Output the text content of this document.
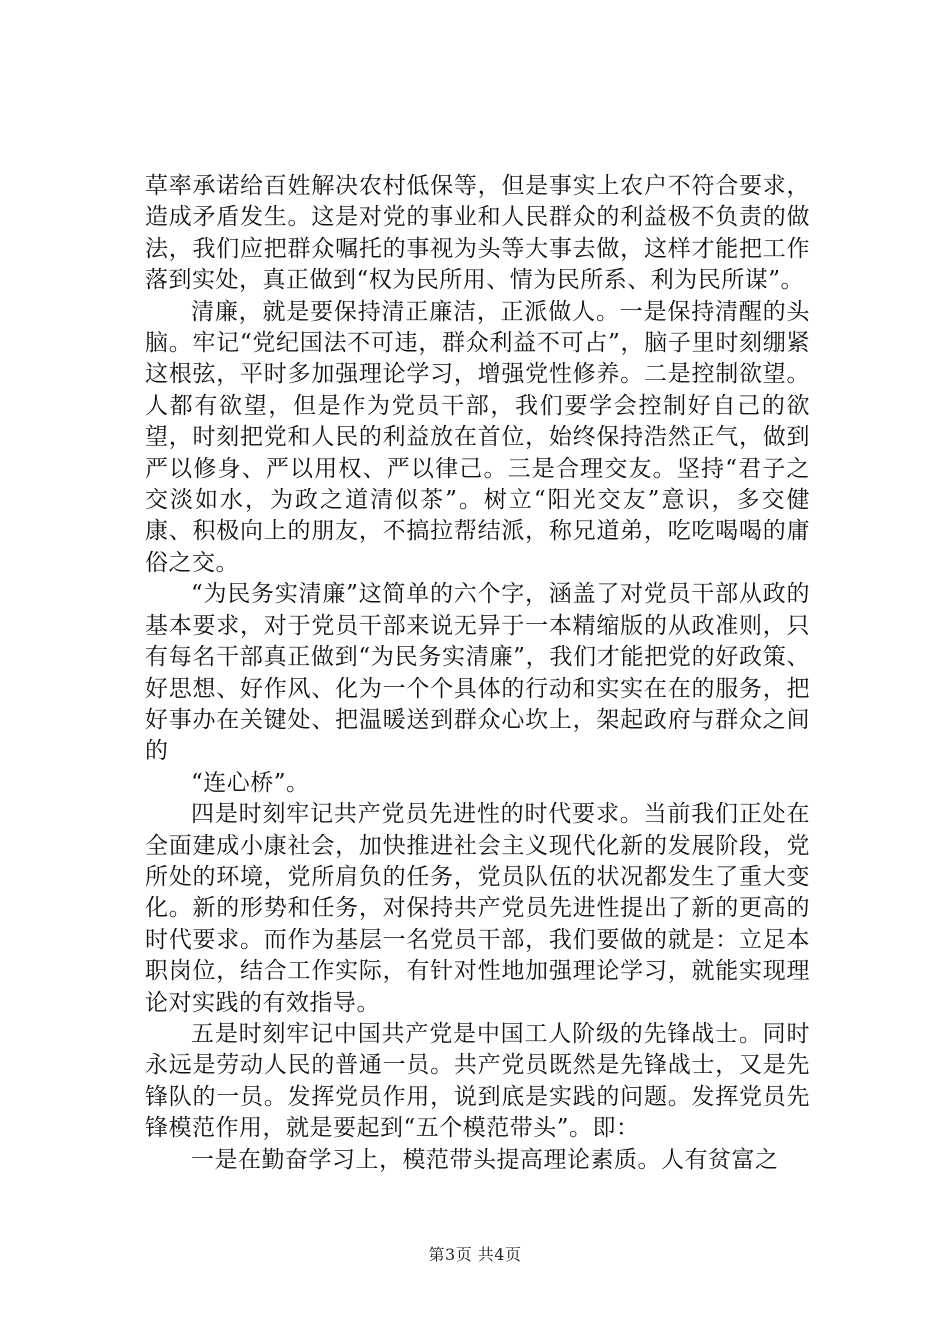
草率承诺给百姓解决农村低保等，但是事实上农户不符合要求，造成矛盾发生。这是对党的事业和人民群众的利益极不负责的做法，我们应把群众嘱托的事视为头等大事去做，这样才能把工作落到实处，真正做到“权为民所用、情为民所系、利为民所谋”。

清廉，就是要保持清正廉洁，正派做人。一是保持清醒的头脑。牢记“党纪国法不可违，群众利益不可占”，脑子里时刻绷紧这根弦，平时多加强理论学习，增强党性修养。二是控制欲望。人都有欲望，但是作为党员干部，我们要学会控制好自己的欲望，时刻把党和人民的利益放在首位，始终保持浩然正气，做到严以修身、严以用权、严以律己。三是合理交友。坚持“君子之交淡如水，为政之道清似茶”。树立“阳光交友”意识，多交健康、积极向上的朋友，不搞拉帮结派，称兄道弟，吃吃喝喝的庸俗之交。

“为民务实清廉”这简单的六个字，涵盖了对党员干部从政的基本要求，对于党员干部来说无异于一本精缩版的从政准则，只有每名干部真正做到“为民务实清廉”，我们才能把党的好政策、好思想、好作风、化为一个个具体的行动和实实在在的服务，把好事办在关键处、把温暖送到群众心坎上，架起政府与群众之间的

“连心桥”。

四是时刻牢记共产党员先进性的时代要求。当前我们正处在全面建成小康社会，加快推进社会主义现代化新的发展阶段，党所处的环境，党所肩负的任务，党员队伍的状况都发生了重大变化。新的形势和任务，对保持共产党员先进性提出了新的更高的时代要求。而作为基层一名党员干部，我们要做的就是：立足本职岗位，结合工作实际，有针对性地加强理论学习，就能实现理论对实践的有效指导。

五是时刻牢记中国共产党是中国工人阶级的先锋战士。同时永远是劳动人民的普通一员。共产党员既然是先锋战士，又是先锋队的一员。发挥党员作用，说到底是实践的问题。发挥党员先锋模范作用，就是要起到“五个模范带头”。即：

一是在勤奋学习上，模范带头提高理论素质。人有贫富之

第3页 共4页
